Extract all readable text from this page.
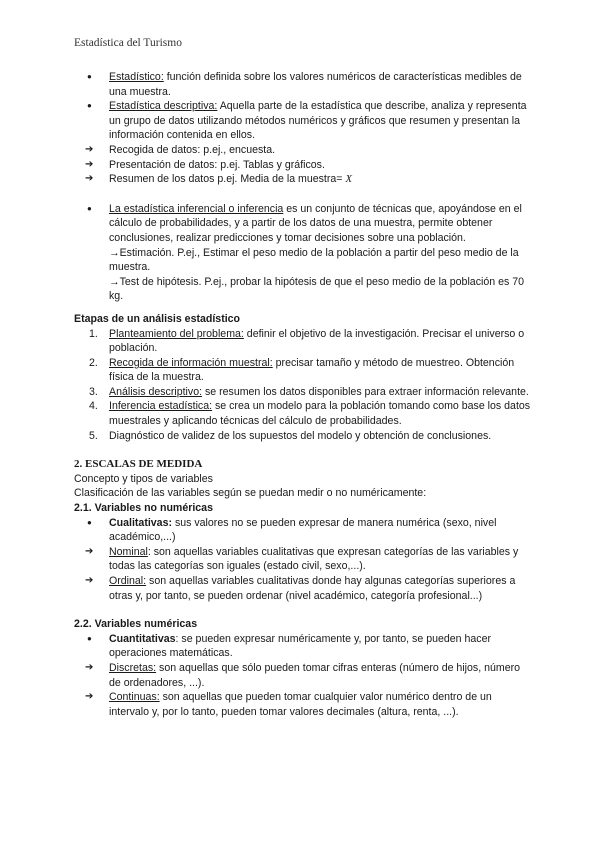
Estadística del Turismo
● Estadístico: función definida sobre los valores numéricos de características medibles de una muestra.
● Estadística descriptiva: Aquella parte de la estadística que describe, analiza y representa un grupo de datos utilizando métodos numéricos y gráficos que resumen y presentan la información contenida en ellos.
➔ Recogida de datos: p.ej., encuesta.
➔ Presentación de datos: p.ej. Tablas y gráficos.
➔ Resumen de los datos p.ej. Media de la muestra= X
● La estadística inferencial o inferencia es un conjunto de técnicas que, apoyándose en el cálculo de probabilidades, y a partir de los datos de una muestra, permite obtener conclusiones, realizar predicciones y tomar decisiones sobre una población.
→Estimación. P.ej., Estimar el peso medio de la población a partir del peso medio de la muestra.
→Test de hipótesis. P.ej., probar la hipótesis de que el peso medio de la población es 70 kg.
Etapas de un análisis estadístico
1. Planteamiento del problema: definir el objetivo de la investigación. Precisar el universo o población.
2. Recogida de información muestral: precisar tamaño y método de muestreo. Obtención física de la muestra.
3. Análisis descriptivo: se resumen los datos disponibles para extraer información relevante.
4. Inferencia estadística: se crea un modelo para la población tomando como base los datos muestrales y aplicando técnicas del cálculo de probabilidades.
5. Diagnóstico de validez de los supuestos del modelo y obtención de conclusiones.
2. ESCALAS DE MEDIDA
Concepto y tipos de variables
Clasificación de las variables según se puedan medir o no numéricamente:
2.1. Variables no numéricas
● Cualitativas: sus valores no se pueden expresar de manera numérica (sexo, nivel académico,...)
➔ Nominal: son aquellas variables cualitativas que expresan categorías de las variables y todas las categorías son iguales (estado civil, sexo,...).
➔ Ordinal: son aquellas variables cualitativas donde hay algunas categorías superiores a otras y, por tanto, se pueden ordenar (nivel académico, categoría profesional...)
2.2. Variables numéricas
● Cuantitativas: se pueden expresar numéricamente y, por tanto, se pueden hacer operaciones matemáticas.
➔ Discretas: son aquellas que sólo pueden tomar cifras enteras (número de hijos, número de ordenadores, ...).
➔ Continuas: son aquellas que pueden tomar cualquier valor numérico dentro de un intervalo y, por lo tanto, pueden tomar valores decimales (altura, renta, ...).
